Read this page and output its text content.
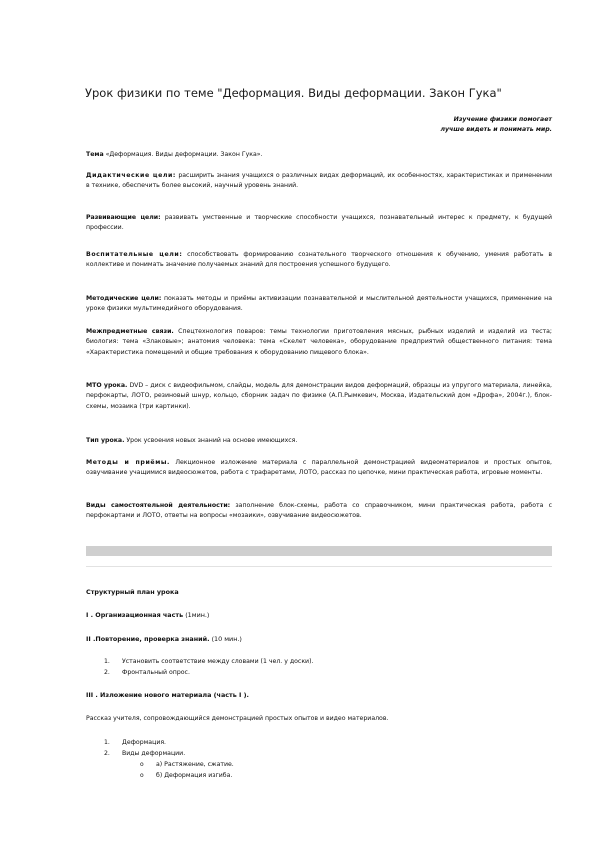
Урок физики по теме "Деформация. Виды деформации. Закон Гука"
Изучение физики помогает
лучше видеть и понимать мир.

Тема «Деформация. Виды деформации. Закон Гука».

Дидактические цели: расширить знания учащихся о различных видах деформаций, их особенностях, характеристиках и применении в технике, обеспечить более высокий, научный уровень знаний.

Развивающие цели: развивать умственные и творческие способности учащихся, познавательный интерес к предмету, к будущей профессии.

Воспитательные цели: способствовать формированию сознательного творческого отношения к обучению, умения работать в коллективе и понимать значение получаемых знаний для построения успешного будущего.

Методические цели: показать методы и приёмы активизации познавательной и мыслительной деятельности учащихся, применение на уроке физики мультимедийного оборудования.

Межпредметные связи. Спецтехнология поваров: темы технологии приготовления мясных, рыбных изделий и изделий из теста; биология: тема «Злаковые»; анатомия человека: тема «Скелет человека», оборудование предприятий общественного питания: тема «Характеристика помещений и общие требования к оборудованию пищевого блока».

МТО урока. DVD – диск с видеофильмом, слайды, модель для демонстрации видов деформаций, образцы из упругого материала, линейка, перфокарты, ЛОТО, резиновый шнур, кольцо, сборник задач по физике (А.П.Рымкевич, Москва, Издательский дом «Дрофа», 2004г.), блок-схемы, мозаика (три картинки).

Тип урока. Урок усвоения новых знаний на основе имеющихся.

Методы и приёмы. Лекционное изложение материала с параллельной демонстрацией видеоматериалов и простых опытов, озвучивание учащимися видеосюжетов, работа с трафаретами, ЛОТО, рассказ по цепочке, мини практическая работа, игровые моменты.

Виды самостоятельной деятельности: заполнение блок-схемы, работа со справочником, мини практическая работа, работа с перфокартами и ЛОТО, ответы на вопросы «мозаики», озвучивание видеосюжетов.

Структурный план урока
I . Организационная часть (1мин.)
II .Повторение, проверка знаний. (10 мин.)
1. Установить соответствие между словами (1 чел. у доски).
2. Фронтальный опрос.
III . Изложение нового материала (часть I ).

Рассказ учителя, сопровождающийся демонстрацией простых опытов и видео материалов.

1. Деформация.
2. Виды деформации.
o а) Растяжение, сжатие.
o б) Деформация изгиба.
